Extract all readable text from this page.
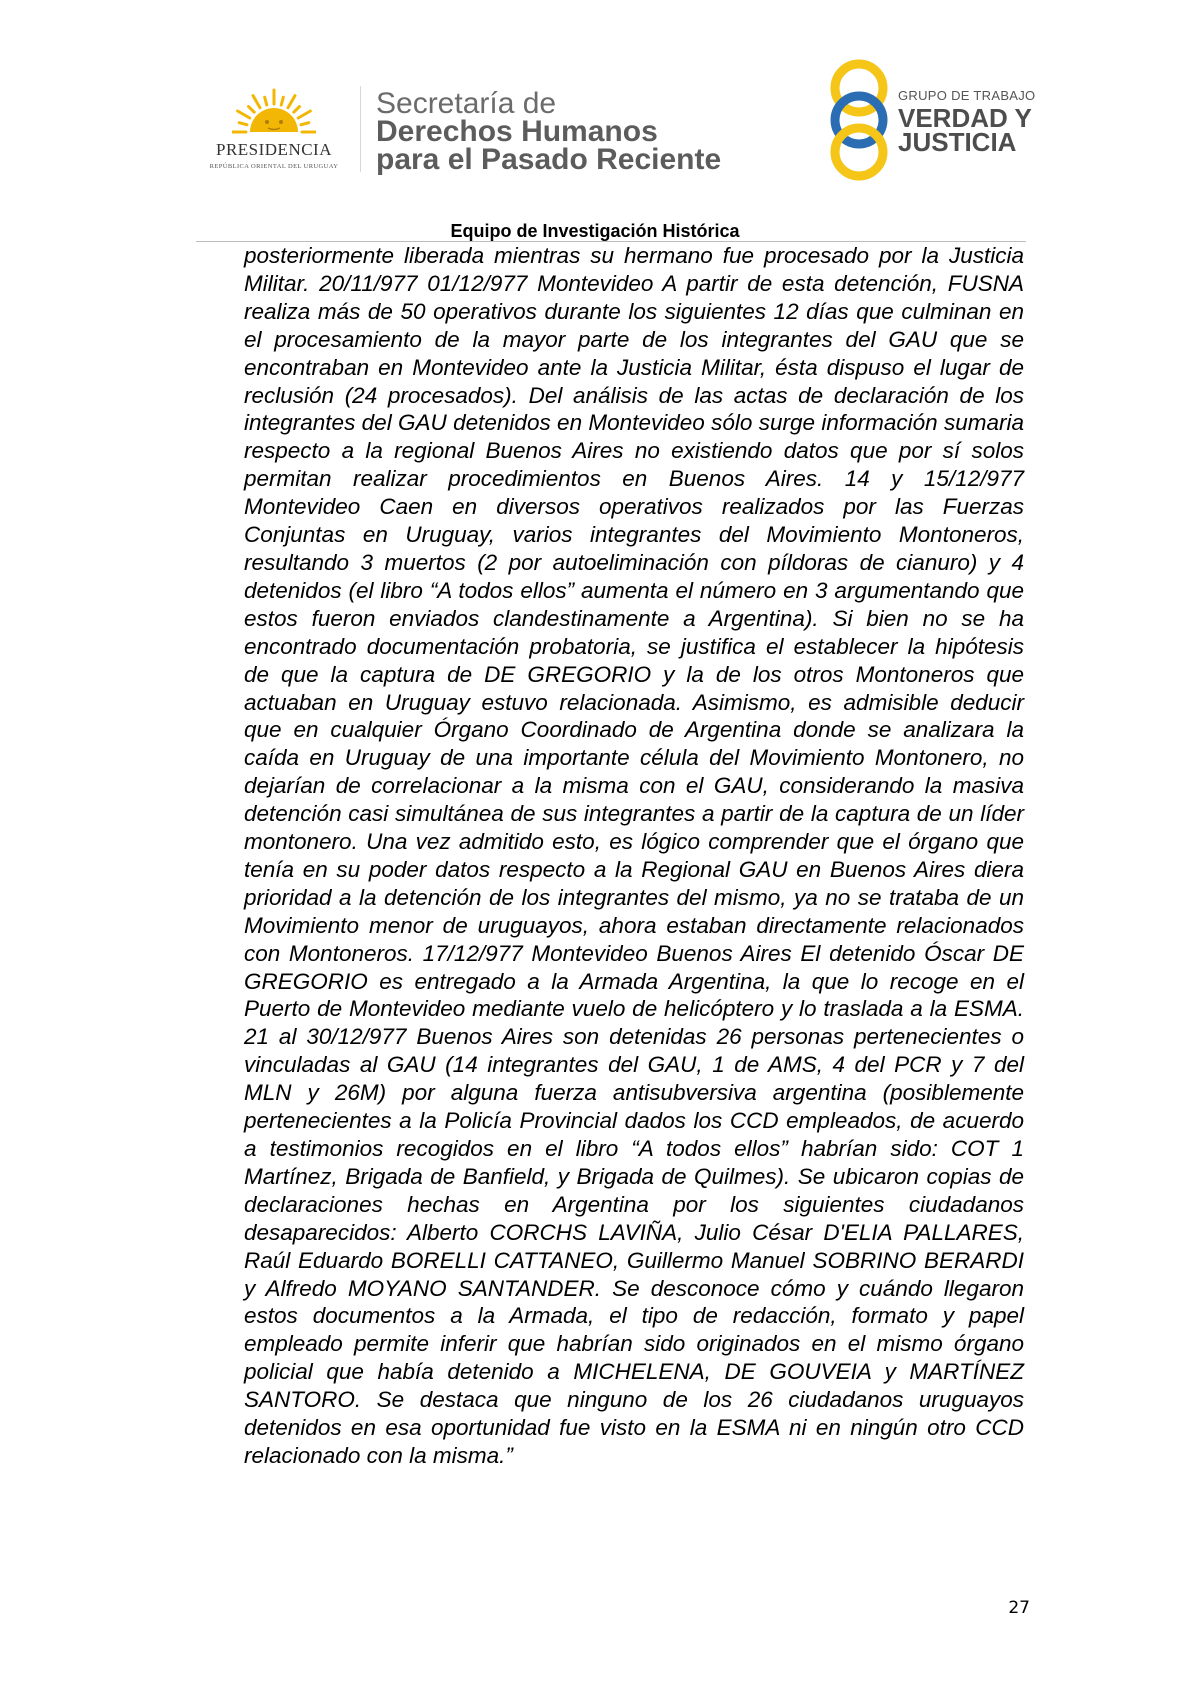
PRESIDENCIA
REPÚBLICA ORIENTAL DEL URUGUAY
Secretaría de
Derechos Humanos
para el Pasado Reciente
GRUPO DE TRABAJO
VERDAD Y
JUSTICIA
Equipo de Investigación Histórica
posteriormente liberada mientras su hermano fue procesado por la Justicia Militar. 20/11/977 01/12/977 Montevideo A partir de esta detención, FUSNA realiza más de 50 operativos durante los siguientes 12 días que culminan en el procesamiento de la mayor parte de los integrantes del GAU que se encontraban en Montevideo ante la Justicia Militar, ésta dispuso el lugar de reclusión (24 procesados). Del análisis de las actas de declaración de los integrantes del GAU detenidos en Montevideo sólo surge información sumaria respecto a la regional Buenos Aires no existiendo datos que por sí solos permitan realizar procedimientos en Buenos Aires. 14 y 15/12/977 Montevideo Caen en diversos operativos realizados por las Fuerzas Conjuntas en Uruguay, varios integrantes del Movimiento Montoneros, resultando 3 muertos (2 por autoeliminación con píldoras de cianuro) y 4 detenidos (el libro “A todos ellos” aumenta el número en 3 argumentando que estos fueron enviados clandestinamente a Argentina). Si bien no se ha encontrado documentación probatoria, se justifica el establecer la hipótesis de que la captura de DE GREGORIO y la de los otros Montoneros que actuaban en Uruguay estuvo relacionada. Asimismo, es admisible deducir que en cualquier Órgano Coordinado de Argentina donde se analizara la caída en Uruguay de una importante célula del Movimiento Montonero, no dejarían de correlacionar a la misma con el GAU, considerando la masiva detención casi simultánea de sus integrantes a partir de la captura de un líder montonero. Una vez admitido esto, es lógico comprender que el órgano que tenía en su poder datos respecto a la Regional GAU en Buenos Aires diera prioridad a la detención de los integrantes del mismo, ya no se trataba de un Movimiento menor de uruguayos, ahora estaban directamente relacionados con Montoneros. 17/12/977 Montevideo Buenos Aires El detenido Óscar DE GREGORIO es entregado a la Armada Argentina, la que lo recoge en el Puerto de Montevideo mediante vuelo de helicóptero y lo traslada a la ESMA. 21 al 30/12/977 Buenos Aires son detenidas 26 personas pertenecientes o vinculadas al GAU (14 integrantes del GAU, 1 de AMS, 4 del PCR y 7 del MLN y 26M) por alguna fuerza antisubversiva argentina (posiblemente pertenecientes a la Policía Provincial dados los CCD empleados, de acuerdo a testimonios recogidos en el libro “A todos ellos” habrían sido: COT 1 Martínez, Brigada de Banfield, y Brigada de Quilmes). Se ubicaron copias de declaraciones hechas en Argentina por los siguientes ciudadanos desaparecidos: Alberto CORCHS LAVIÑA, Julio César D'ELIA PALLARES, Raúl Eduardo BORELLI CATTANEO, Guillermo Manuel SOBRINO BERARDI y Alfredo MOYANO SANTANDER. Se desconoce cómo y cuándo llegaron estos documentos a la Armada, el tipo de redacción, formato y papel empleado permite inferir que habrían sido originados en el mismo órgano policial que había detenido a MICHELENA, DE GOUVEIA y MARTÍNEZ SANTORO. Se destaca que ninguno de los 26 ciudadanos uruguayos detenidos en esa oportunidad fue visto en la ESMA ni en ningún otro CCD relacionado con la misma.”
27
